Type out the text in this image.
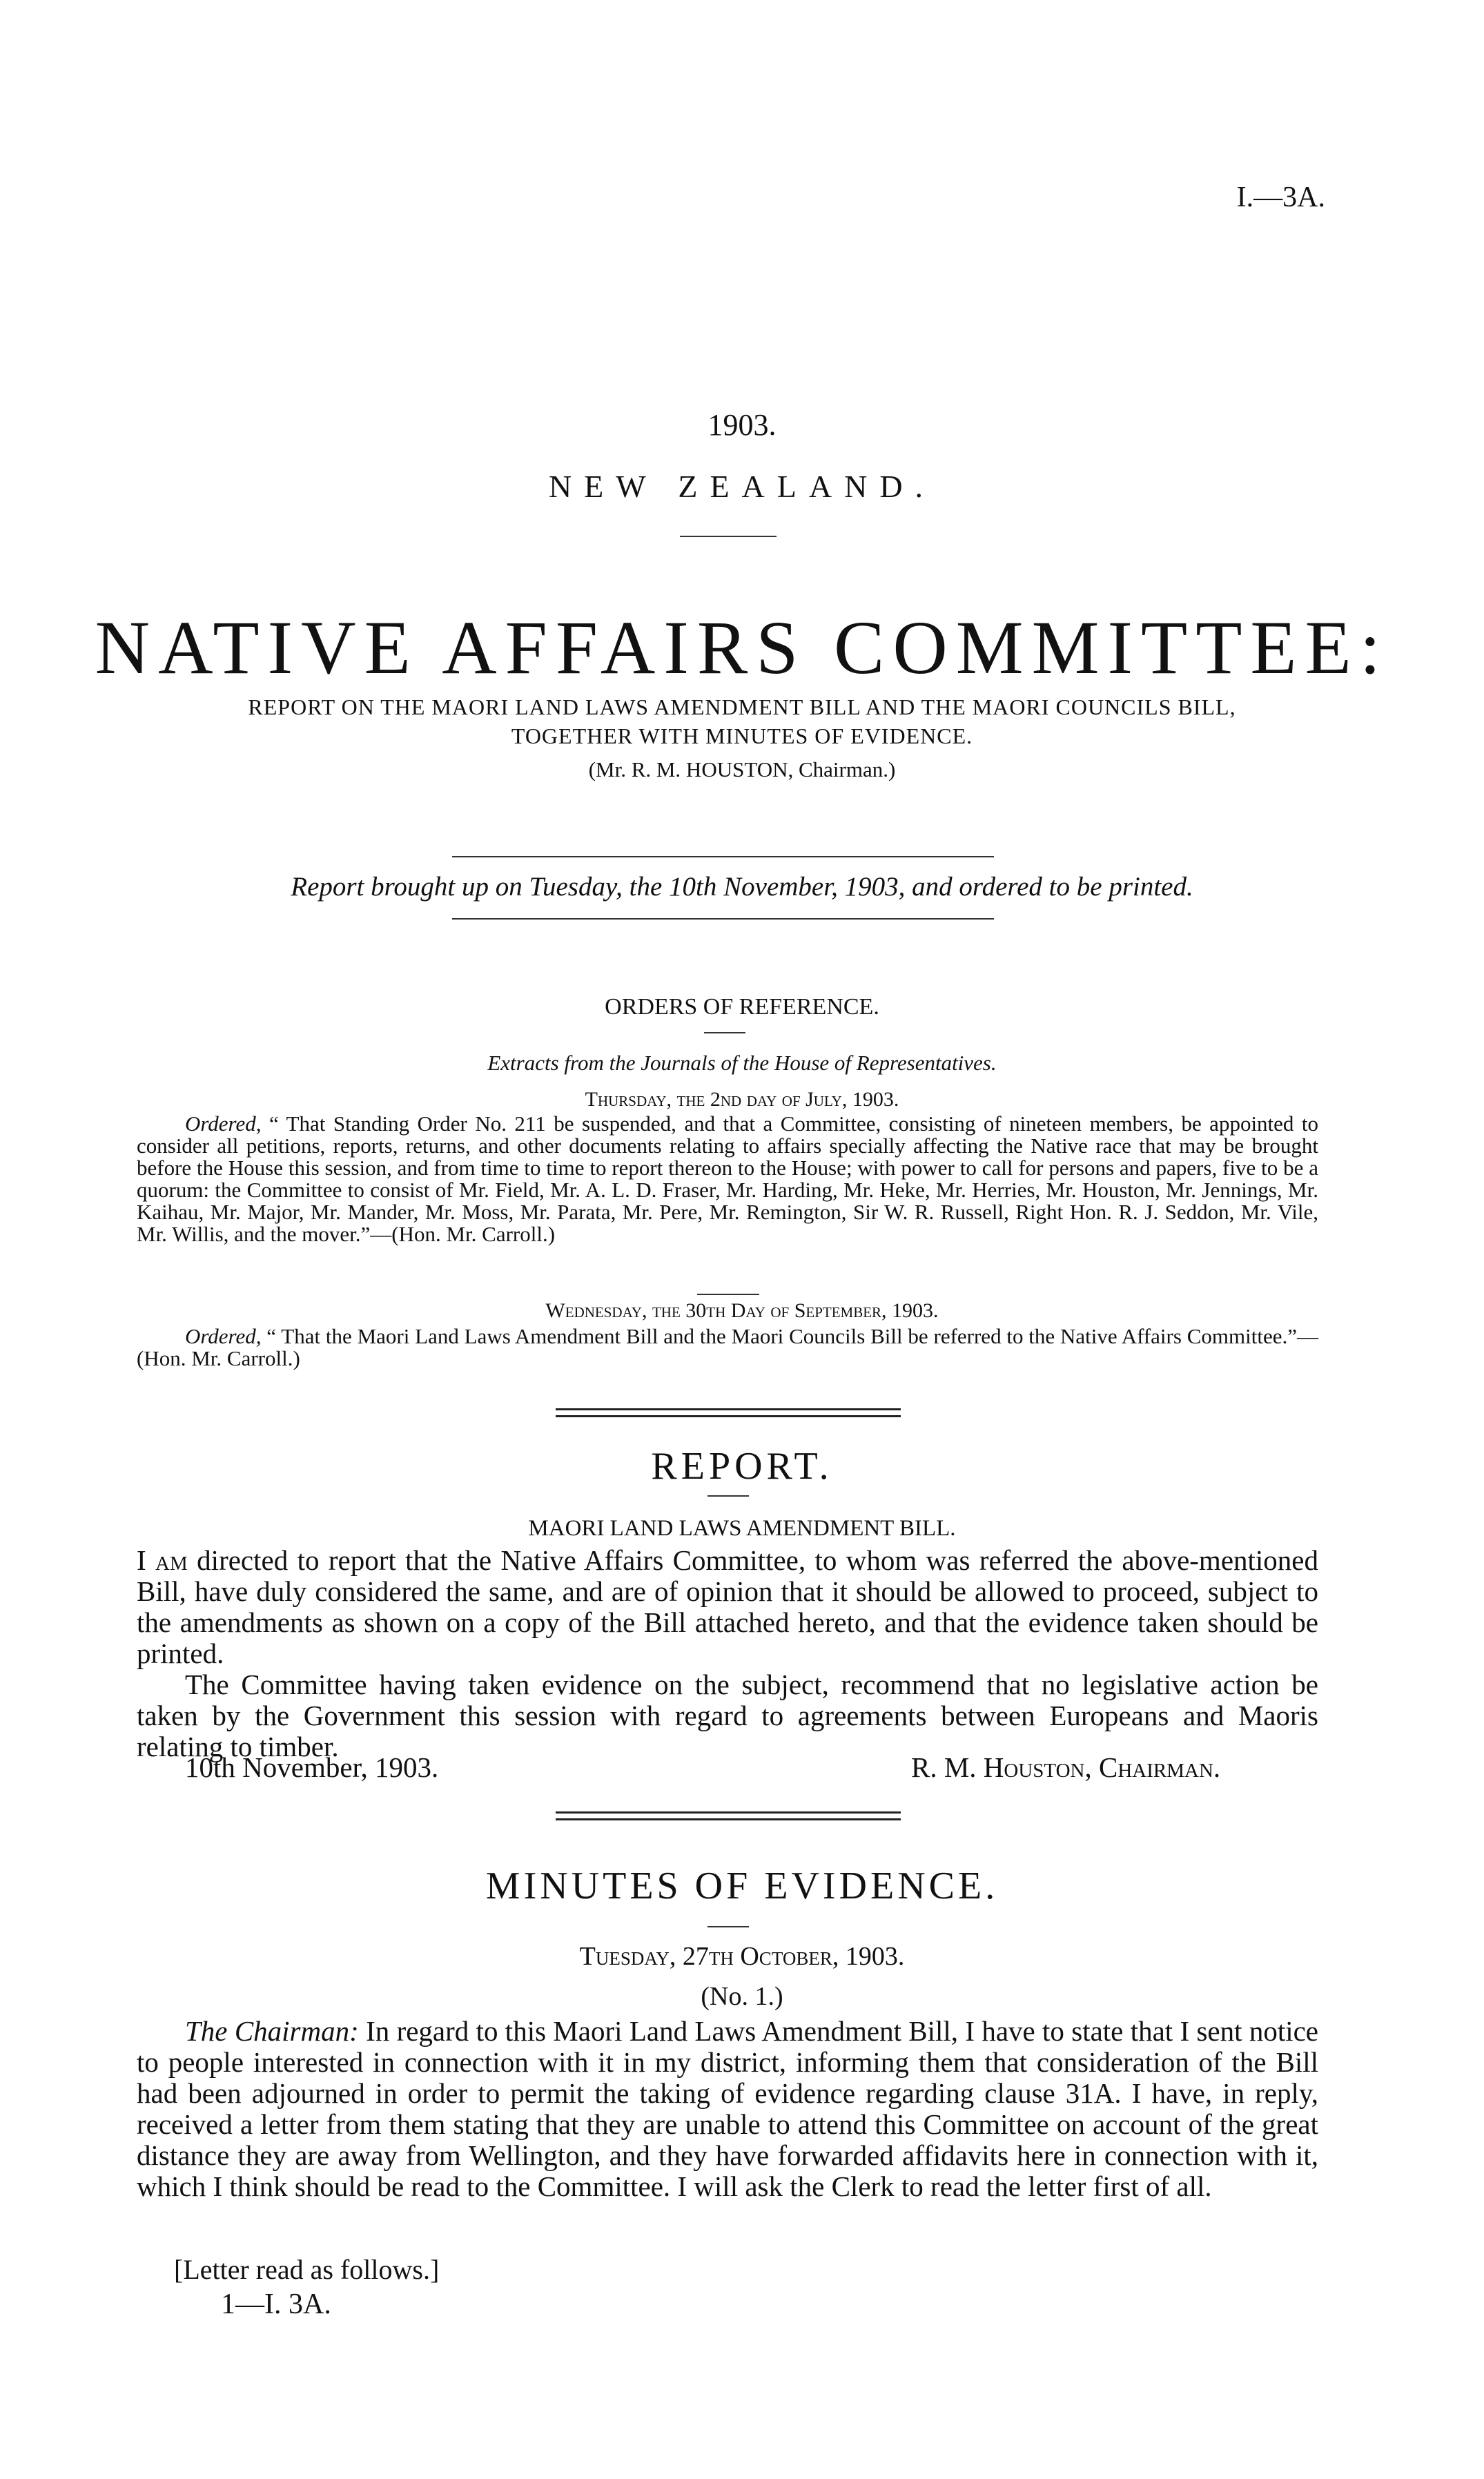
I.—3A.
1903.
NEW ZEALAND.
NATIVE AFFAIRS COMMITTEE:
REPORT ON THE MAORI LAND LAWS AMENDMENT BILL AND THE MAORI COUNCILS BILL,
TOGETHER WITH MINUTES OF EVIDENCE.
(Mr. R. M. HOUSTON, Chairman.)
Report brought up on Tuesday, the 10th November, 1903, and ordered to be printed.
ORDERS OF REFERENCE.
Extracts from the Journals of the House of Representatives.
Thursday, the 2nd day of July, 1903.

Ordered, “ That Standing Order No. 211 be suspended, and that a Committee, consisting of nineteen members, be appointed to consider all petitions, reports, returns, and other documents relating to affairs specially affecting the Native race that may be brought before the House this session, and from time to time to report thereon to the House; with power to call for persons and papers, five to be a quorum: the Committee to consist of Mr. Field, Mr. A. L. D. Fraser, Mr. Harding, Mr. Heke, Mr. Herries, Mr. Houston, Mr. Jennings, Mr. Kaihau, Mr. Major, Mr. Mander, Mr. Moss, Mr. Parata, Mr. Pere, Mr. Remington, Sir W. R. Russell, Right Hon. R. J. Seddon, Mr. Vile, Mr. Willis, and the mover.”—(Hon. Mr. Carroll.)

Wednesday, the 30th Day of September, 1903.

Ordered, “ That the Maori Land Laws Amendment Bill and the Maori Councils Bill be referred to the Native Affairs Committee.”—(Hon. Mr. Carroll.)

REPORT.
MAORI LAND LAWS AMENDMENT BILL.

I am directed to report that the Native Affairs Committee, to whom was referred the above-mentioned Bill, have duly considered the same, and are of opinion that it should be allowed to proceed, subject to the amendments as shown on a copy of the Bill attached hereto, and that the evidence taken should be printed.

The Committee having taken evidence on the subject, recommend that no legislative action be taken by the Government this session with regard to agreements between Europeans and Maoris relating to timber.

10th November, 1903.	R. M. Houston, Chairman.
MINUTES OF EVIDENCE.
Tuesday, 27th October, 1903.
(No. 1.)

The Chairman: In regard to this Maori Land Laws Amendment Bill, I have to state that I sent notice to people interested in connection with it in my district, informing them that consideration of the Bill had been adjourned in order to permit the taking of evidence regarding clause 31A. I have, in reply, received a letter from them stating that they are unable to attend this Committee on account of the great distance they are away from Wellington, and they have forwarded affidavits here in connection with it, which I think should be read to the Committee. I will ask the Clerk to read the letter first of all.

[Letter read as follows.]
1—I. 3A.
